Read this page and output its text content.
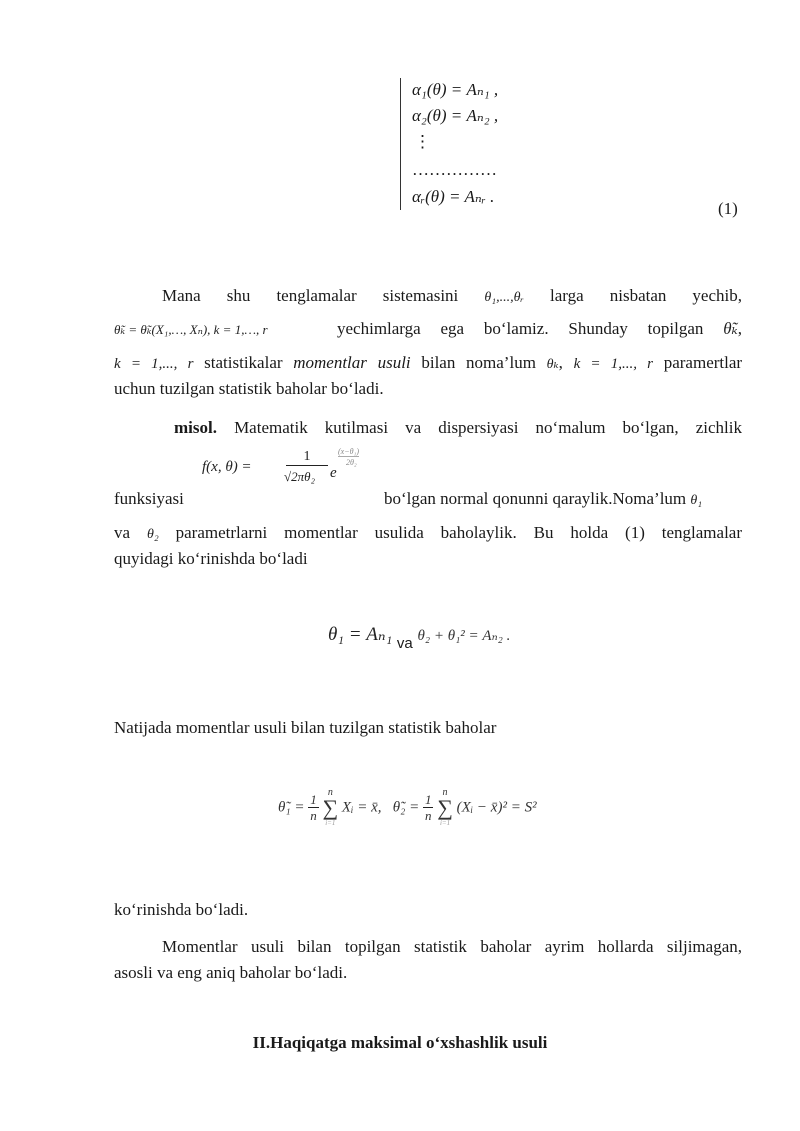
α₁(θ) = Aₙ₁ ,
α₂(θ) = Aₙ₂ ,
⋮
……………
αᵣ(θ) = Aₙᵣ .
(1)
Mana shu tenglamalar sistemasini θ₁,...,θᵣ larga nisbatan yechib,
θ̃ₖ = θ̃ₖ(X₁,…, Xₙ), k = 1,…, r	yechimlarga ega bo‘lamiz. Shunday topilgan θ̃ₖ,
k = 1,..., r statistikalar momentlar usuli bilan noma’lum θₖ, k = 1,..., r paramertlar
uchun tuzilgan statistik baholar bo‘ladi.
misol. Matematik kutilmasi va dispersiyasi no‘malum bo‘lgan, zichlik
f(x, θ) =
1
√2πθ₂ e
(x−θ₁)
2θ₂
funksiyasi	bo‘lgan normal qonunni qaraylik.Noma’lum θ₁
va θ₂ parametrlarni momentlar usulida baholaylik. Bu holda (1) tenglamalar
quyidagi ko‘rinishda bo‘ladi
θ₁ = Aₙ₁ $_{va}$ θ₂ + θ₁² = Aₙ₂ .
Natijada momentlar usuli bilan tuzilgan statistik baholar
θ̃₁ = $\frac{1}{n}$
n
∑
i=1
Xᵢ = x̄, θ̃₂ = $\frac{1}{n}$
n
∑
i=1
(Xᵢ − x̄)² = S²
ko‘rinishda bo‘ladi.
Momentlar usuli bilan topilgan statistik baholar ayrim hollarda siljimagan,
asosli va eng aniq baholar bo‘ladi.
II.Haqiqatga maksimal o‘xshashlik usuli
